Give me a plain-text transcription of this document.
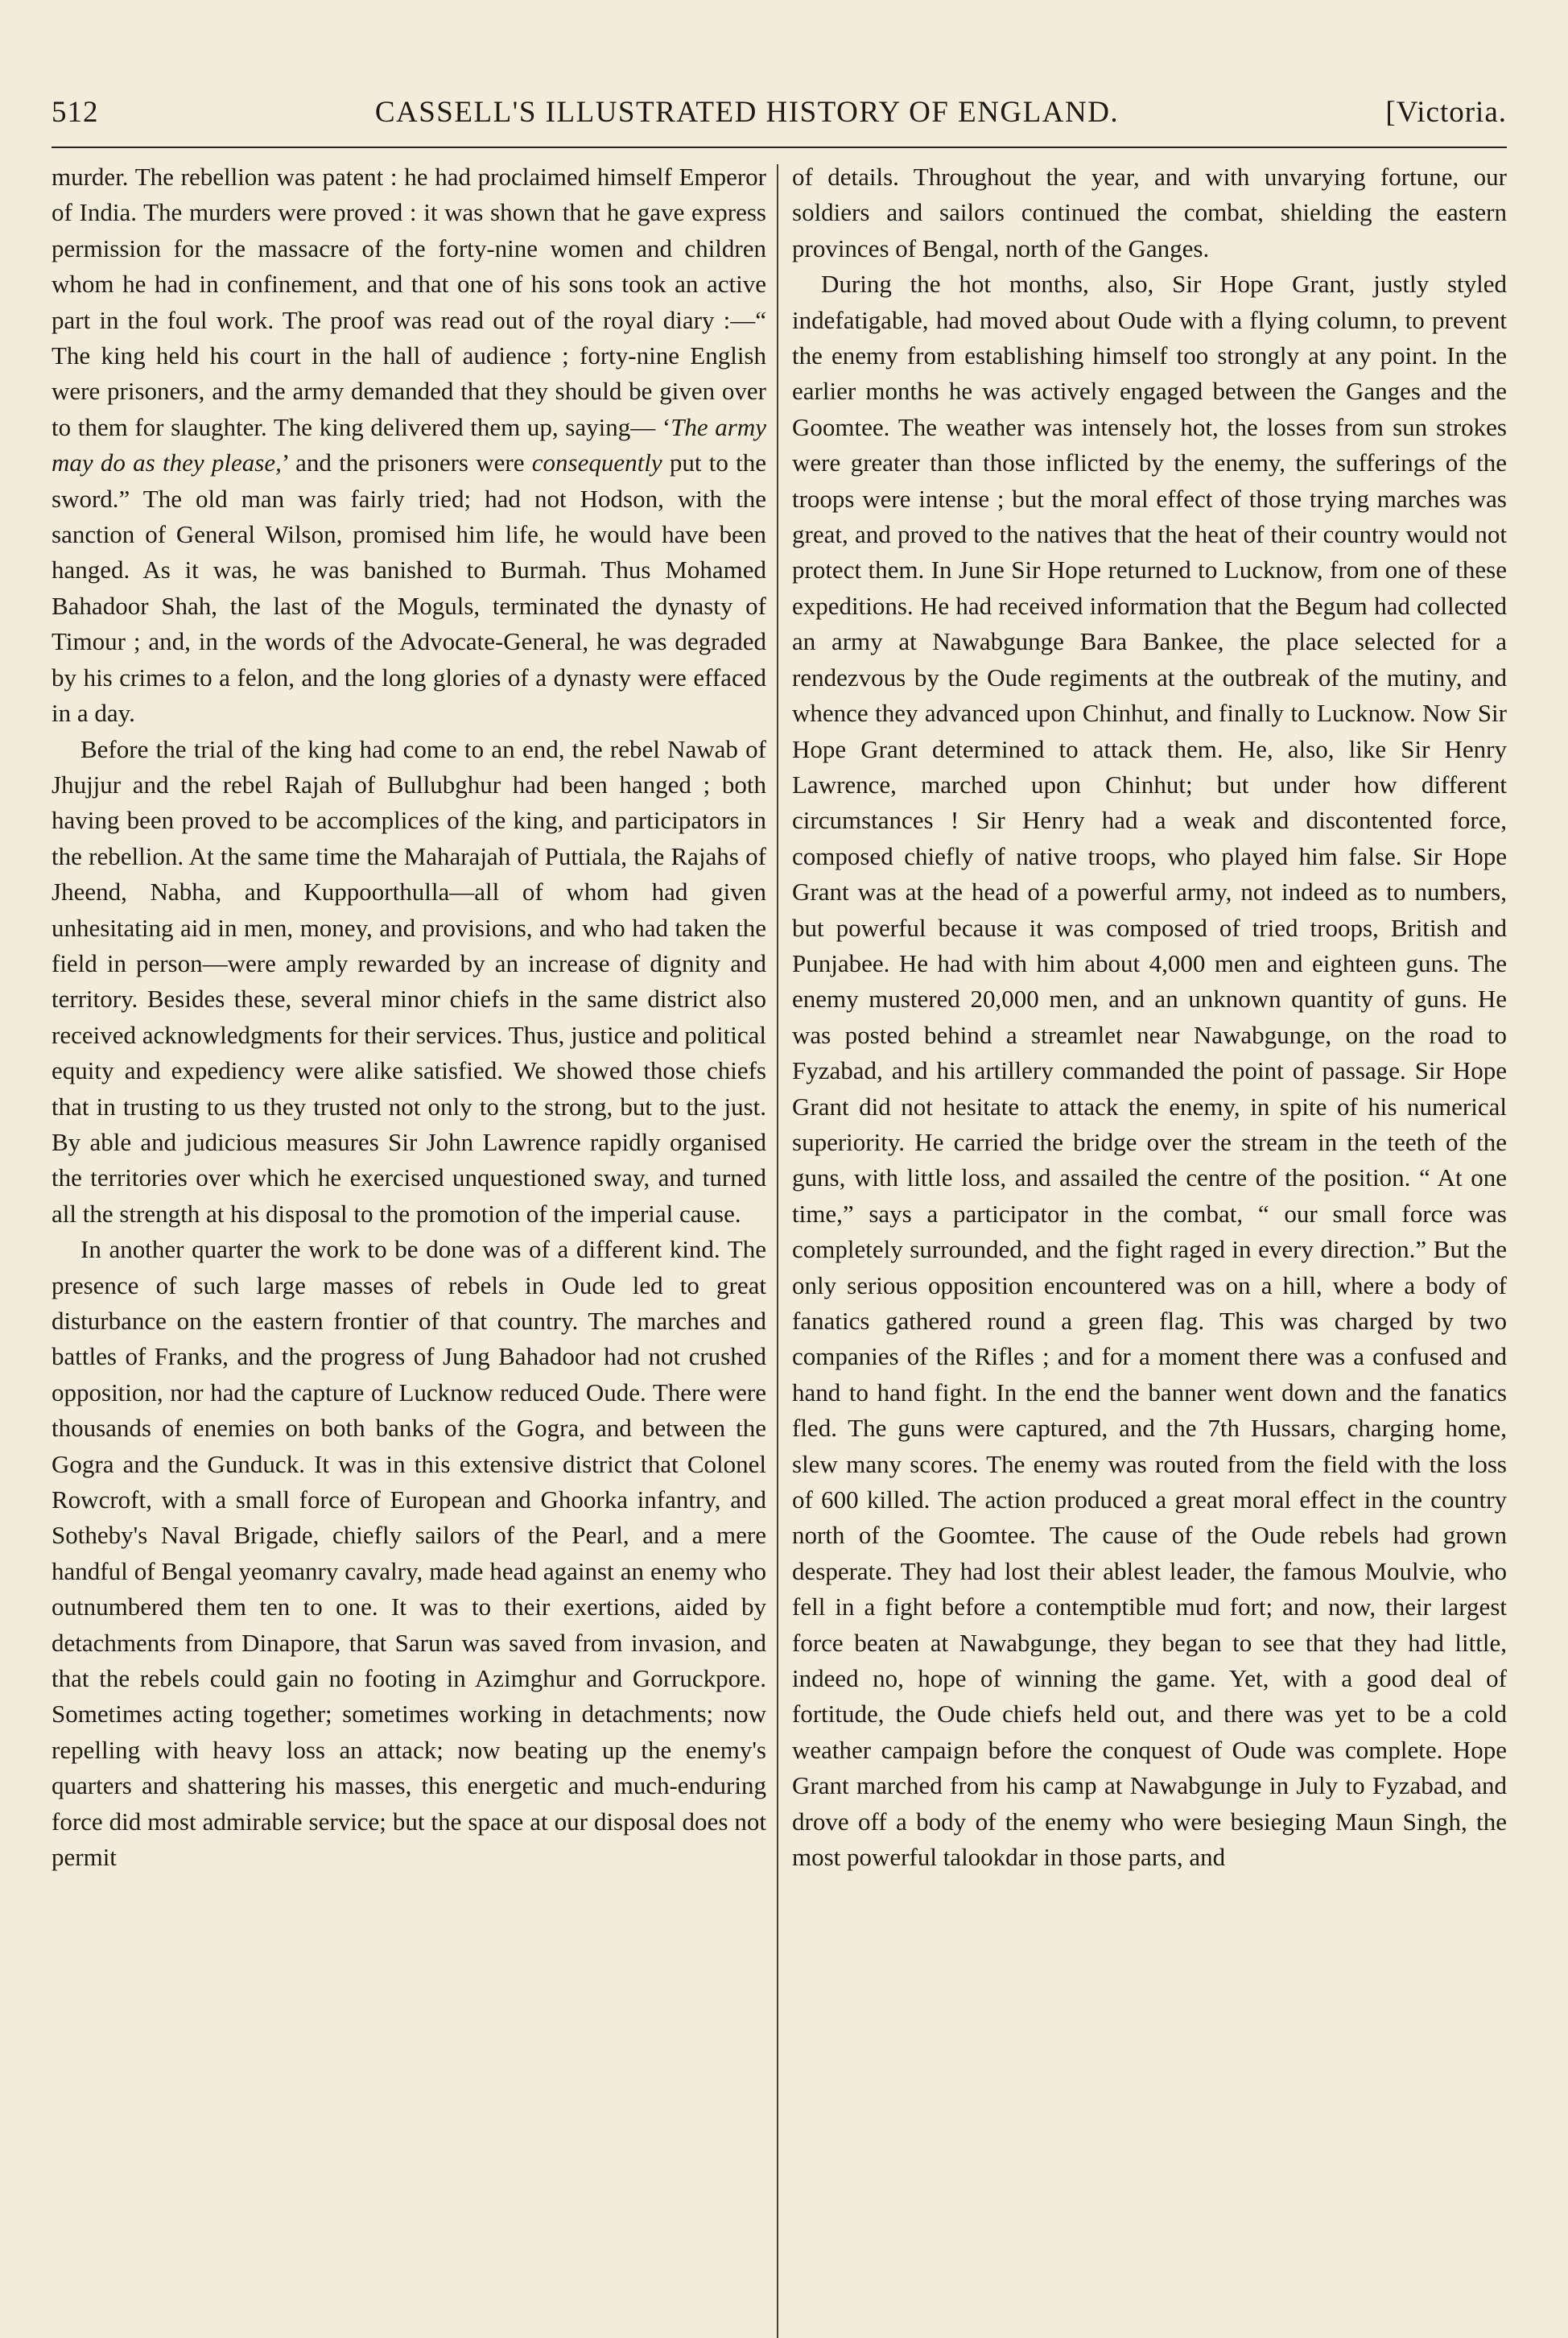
512	CASSELL'S ILLUSTRATED HISTORY OF ENGLAND.	[Victoria.

murder. The rebellion was patent : he had proclaimed himself Emperor of India. The murders were proved : it was shown that he gave express permission for the massacre of the forty-nine women and children whom he had in confinement, and that one of his sons took an active part in the foul work. The proof was read out of the royal diary :—“ The king held his court in the hall of audience ; forty-nine English were prisoners, and the army demanded that they should be given over to them for slaughter. The king delivered them up, saying— ‘The army may do as they please,’ and the prisoners were consequently put to the sword.” The old man was fairly tried; had not Hodson, with the sanction of General Wilson, promised him life, he would have been hanged. As it was, he was banished to Burmah. Thus Mohamed Bahadoor Shah, the last of the Moguls, terminated the dynasty of Timour ; and, in the words of the Advocate-General, he was degraded by his crimes to a felon, and the long glories of a dynasty were effaced in a day.

Before the trial of the king had come to an end, the rebel Nawab of Jhujjur and the rebel Rajah of Bullubghur had been hanged ; both having been proved to be accomplices of the king, and participators in the rebellion. At the same time the Maharajah of Puttiala, the Rajahs of Jheend, Nabha, and Kuppoorthulla—all of whom had given unhesitating aid in men, money, and provisions, and who had taken the field in person—were amply rewarded by an increase of dignity and territory. Besides these, several minor chiefs in the same district also received acknowledgments for their services. Thus, justice and political equity and expediency were alike satisfied. We showed those chiefs that in trusting to us they trusted not only to the strong, but to the just. By able and judicious measures Sir John Lawrence rapidly organised the territories over which he exercised unquestioned sway, and turned all the strength at his disposal to the promotion of the imperial cause.

In another quarter the work to be done was of a different kind. The presence of such large masses of rebels in Oude led to great disturbance on the eastern frontier of that country. The marches and battles of Franks, and the progress of Jung Bahadoor had not crushed opposition, nor had the capture of Lucknow reduced Oude. There were thousands of enemies on both banks of the Gogra, and between the Gogra and the Gunduck. It was in this extensive district that Colonel Rowcroft, with a small force of European and Ghoorka infantry, and Sotheby's Naval Brigade, chiefly sailors of the Pearl, and a mere handful of Bengal yeomanry cavalry, made head against an enemy who outnumbered them ten to one. It was to their exertions, aided by detachments from Dinapore, that Sarun was saved from invasion, and that the rebels could gain no footing in Azimghur and Gorruckpore. Sometimes acting together; sometimes working in detachments; now repelling with heavy loss an attack; now beating up the enemy's quarters and shattering his masses, this energetic and much-enduring force did most admirable service; but the space at our disposal does not permit

of details. Throughout the year, and with unvarying fortune, our soldiers and sailors continued the combat, shielding the eastern provinces of Bengal, north of the Ganges.

During the hot months, also, Sir Hope Grant, justly styled indefatigable, had moved about Oude with a flying column, to prevent the enemy from establishing himself too strongly at any point. In the earlier months he was actively engaged between the Ganges and the Goomtee. The weather was intensely hot, the losses from sun strokes were greater than those inflicted by the enemy, the sufferings of the troops were intense ; but the moral effect of those trying marches was great, and proved to the natives that the heat of their country would not protect them. In June Sir Hope returned to Lucknow, from one of these expeditions. He had received information that the Begum had collected an army at Nawabgunge Bara Bankee, the place selected for a rendezvous by the Oude regiments at the outbreak of the mutiny, and whence they advanced upon Chinhut, and finally to Lucknow. Now Sir Hope Grant determined to attack them. He, also, like Sir Henry Lawrence, marched upon Chinhut; but under how different circumstances ! Sir Henry had a weak and discontented force, composed chiefly of native troops, who played him false. Sir Hope Grant was at the head of a powerful army, not indeed as to numbers, but powerful because it was composed of tried troops, British and Punjabee. He had with him about 4,000 men and eighteen guns. The enemy mustered 20,000 men, and an unknown quantity of guns. He was posted behind a streamlet near Nawabgunge, on the road to Fyzabad, and his artillery commanded the point of passage. Sir Hope Grant did not hesitate to attack the enemy, in spite of his numerical superiority. He carried the bridge over the stream in the teeth of the guns, with little loss, and assailed the centre of the position. “ At one time,” says a participator in the combat, “ our small force was completely surrounded, and the fight raged in every direction.” But the only serious opposition encountered was on a hill, where a body of fanatics gathered round a green flag. This was charged by two companies of the Rifles ; and for a moment there was a confused and hand to hand fight. In the end the banner went down and the fanatics fled. The guns were captured, and the 7th Hussars, charging home, slew many scores. The enemy was routed from the field with the loss of 600 killed. The action produced a great moral effect in the country north of the Goomtee. The cause of the Oude rebels had grown desperate. They had lost their ablest leader, the famous Moulvie, who fell in a fight before a contemptible mud fort; and now, their largest force beaten at Nawabgunge, they began to see that they had little, indeed no, hope of winning the game. Yet, with a good deal of fortitude, the Oude chiefs held out, and there was yet to be a cold weather campaign before the conquest of Oude was complete. Hope Grant marched from his camp at Nawabgunge in July to Fyzabad, and drove off a body of the enemy who were besieging Maun Singh, the most powerful talookdar in those parts, and
